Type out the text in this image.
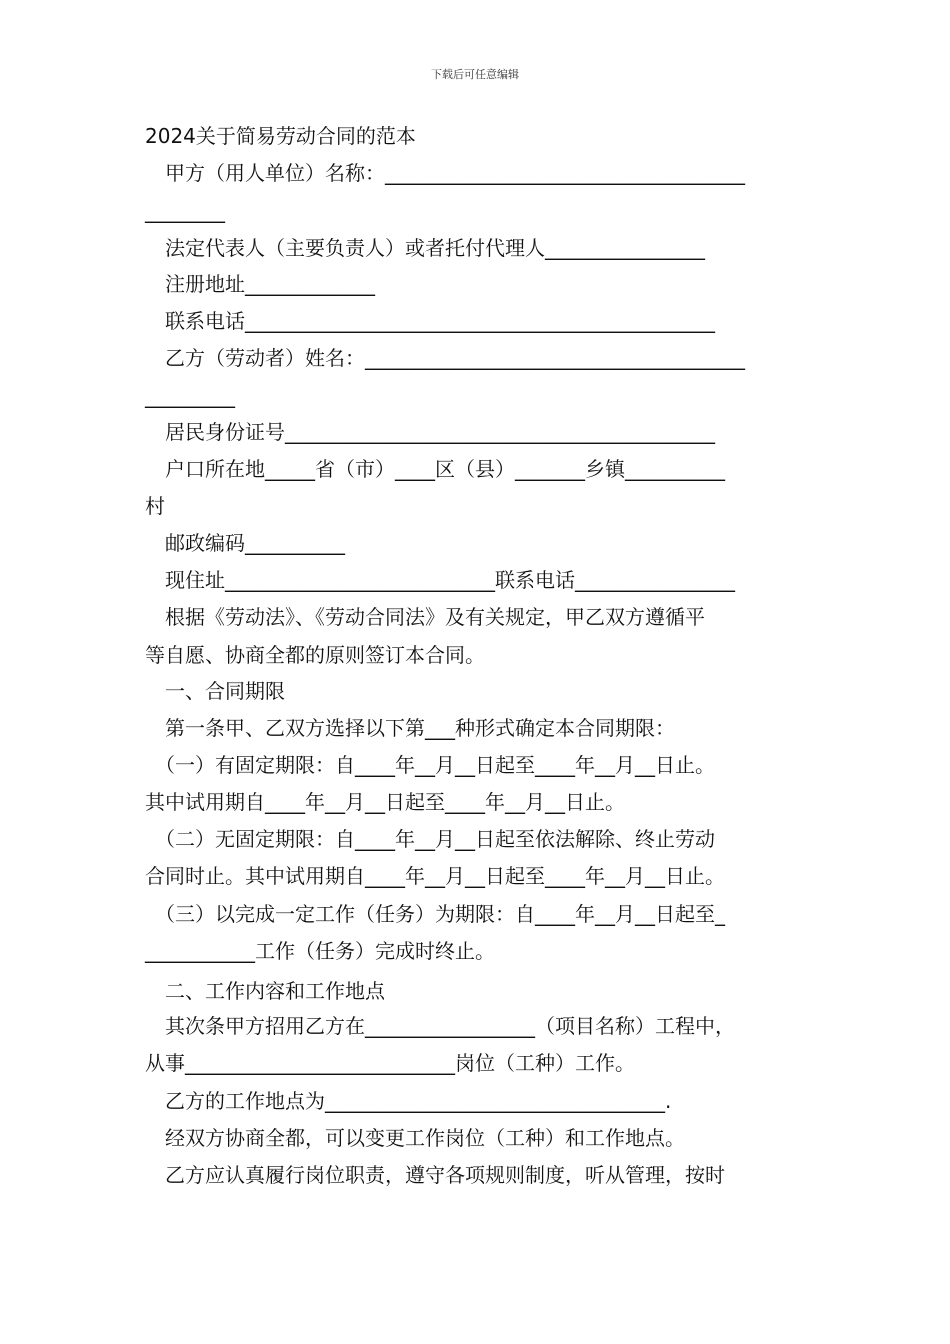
下载后可任意编辑
2024关于简易劳动合同的范本
　甲方（用人单位）名称：____________________________________
________
　法定代表人（主要负责人）或者托付代理人________________
　注册地址_____________
　联系电话_______________________________________________
　乙方（劳动者）姓名：______________________________________
_________
　居民身份证号___________________________________________
　户口所在地_____省（市）____区（县）_______乡镇__________
村
　邮政编码__________
　现住址___________________________联系电话________________
　根据《劳动法》、《劳动合同法》及有关规定，甲乙双方遵循平
等自愿、协商全都的原则签订本合同。
　一、合同期限
　第一条甲、乙双方选择以下第___种形式确定本合同期限：
　（一）有固定期限：自____年__月__日起至____年__月__日止。
其中试用期自____年__月__日起至____年__月__日止。
　（二）无固定期限：自____年__月__日起至依法解除、终止劳动
合同时止。其中试用期自____年__月__日起至____年__月__日止。
　（三）以完成一定工作（任务）为期限：自____年__月__日起至_
___________工作（任务）完成时终止。
　二、工作内容和工作地点
　其次条甲方招用乙方在_________________（项目名称）工程中，
从事___________________________岗位（工种）工作。
　乙方的工作地点为__________________________________.
　经双方协商全都，可以变更工作岗位（工种）和工作地点。
　乙方应认真履行岗位职责，遵守各项规则制度，听从管理，按时
